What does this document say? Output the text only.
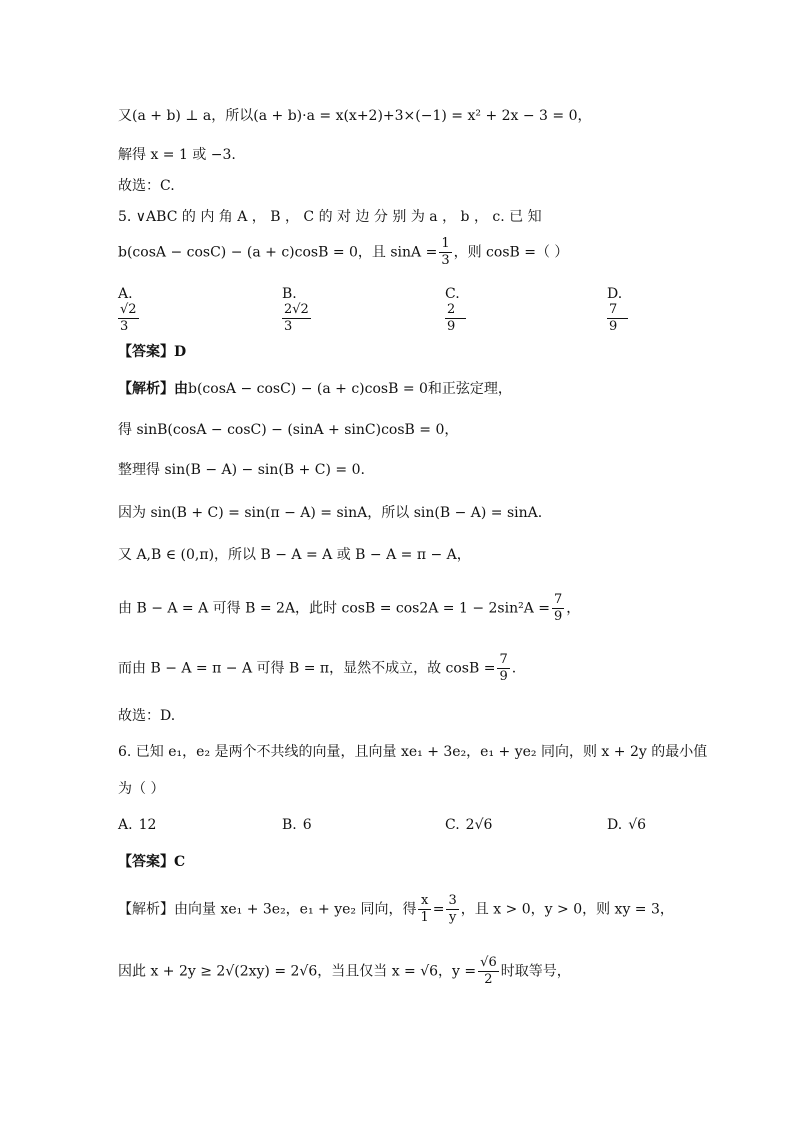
又(a + b) ⊥ a，所以(a + b)·a = x(x+2)+3×(−1) = x² + 2x − 3 = 0，
解得 x = 1 或 −3.
故选：C.
5. ∨ABC 的 内 角 A ， B ， C 的 对 边 分 别 为 a ， b ， c. 已 知
b(cosA − cosC) − (a + c)cosB = 0，且 $\sin A = \frac{1}{3}$ ，则 cosB =（ ）
A.
√2
3
B.
2√2
3
C.
2
9
D.
7
9
【答案】D
【解析】由b(cosA − cosC) − (a + c)cosB = 0和正弦定理，
得 sinB(cosA − cosC) − (sinA + sinC)cosB = 0，
整理得 sin(B − A) − sin(B + C) = 0.
因为 sin(B + C) = sin(π − A) = sinA，所以 sin(B − A) = sinA.
又 A,B ∈ (0,π)，所以 B − A = A 或 B − A = π − A，
由 B − A = A 可得 B = 2A，此时 $\cos B = \cos 2A = 1 - 2\sin^2A = \frac{7}{9}$ ，
而由 B − A = π − A 可得 B = π，显然不成立，故 $\cos B = \frac{7}{9}$ .
故选：D.
6. 已知 e₁，e₂ 是两个不共线的向量，且向量 xe₁ + 3e₂，e₁ + ye₂ 同向，则 x + 2y 的最小值
为（ ）
A. 12	B. 6	C. 2√6	D. √6
【答案】C
【解析】由向量 xe₁ + 3e₂，e₁ + ye₂ 同向，得 $\frac{x}{1} = \frac{3}{y}$ ，且 x > 0，y > 0，则 xy = 3，
因此 x + 2y ≥ 2√(2xy) = 2√6，当且仅当 x = √6，$y = \frac{√6}{2}$ 时取等号，
